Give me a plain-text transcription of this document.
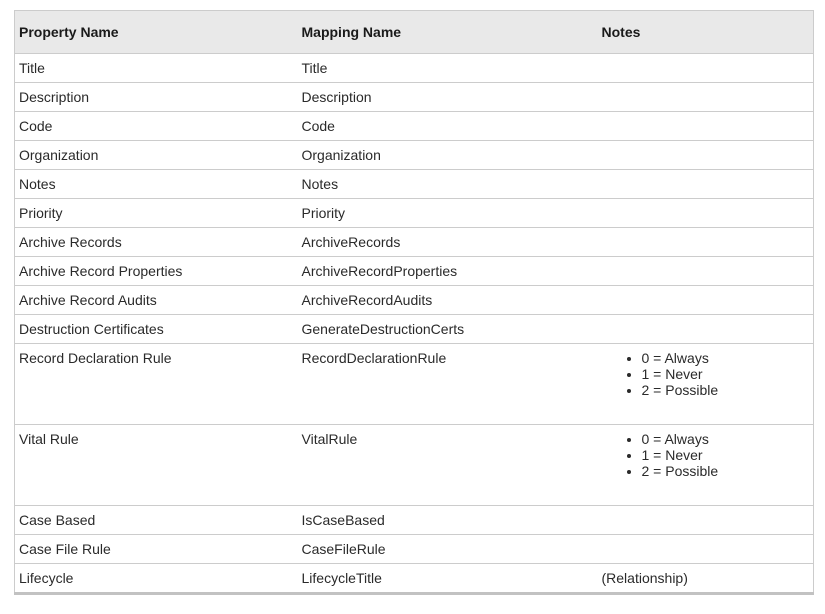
Property Name	Mapping Name	Notes
Title	Title	
Description	Description	
Code	Code	
Organization	Organization	
Notes	Notes	
Priority	Priority	
Archive Records	ArchiveRecords	
Archive Record Properties	ArchiveRecordProperties	
Archive Record Audits	ArchiveRecordAudits	
Destruction Certificates	GenerateDestructionCerts	
Record Declaration Rule	RecordDeclarationRule	
•0 = Always
• 1 = Never
• 2 = Possible

Vital Rule	VitalRule	
•0 = Always
• 1 = Never
• 2 = Possible

Case Based	IsCaseBased	
Case File Rule	CaseFileRule	
Lifecycle	LifecycleTitle	(Relationship)
